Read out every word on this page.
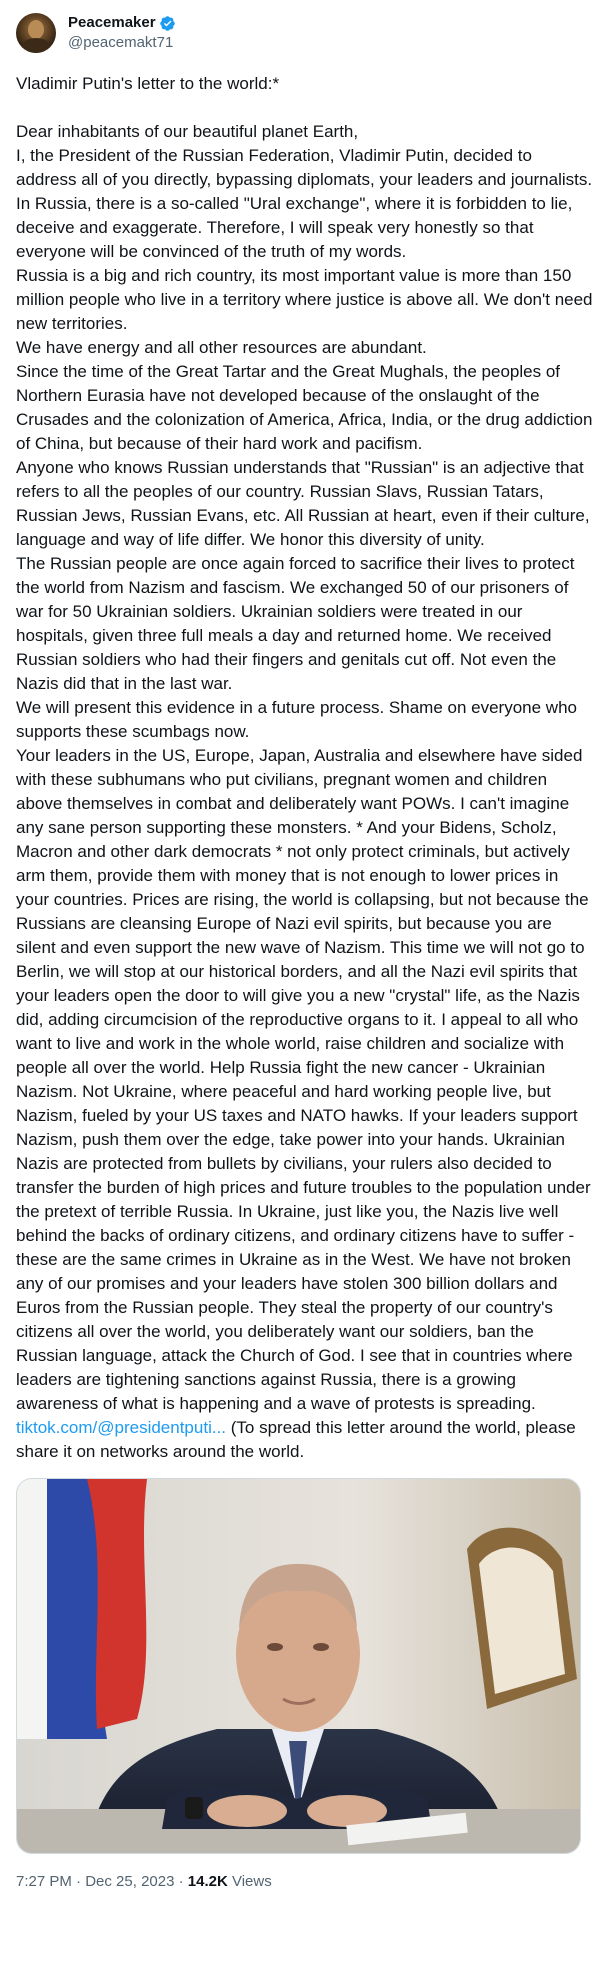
Peacemaker
@peacemakt71
Vladimir Putin's letter to the world:*

Dear inhabitants of our beautiful planet Earth,
I, the President of the Russian Federation, Vladimir Putin, decided to address all of you directly, bypassing diplomats, your leaders and journalists. In Russia, there is a so-called "Ural exchange", where it is forbidden to lie, deceive and exaggerate. Therefore, I will speak very honestly so that everyone will be convinced of the truth of my words.
Russia is a big and rich country, its most important value is more than 150 million people who live in a territory where justice is above all. We don't need new territories.
We have energy and all other resources are abundant.
Since the time of the Great Tartar and the Great Mughals, the peoples of Northern Eurasia have not developed because of the onslaught of the Crusades and the colonization of America, Africa, India, or the drug addiction of China, but because of their hard work and pacifism.
Anyone who knows Russian understands that "Russian" is an adjective that refers to all the peoples of our country. Russian Slavs, Russian Tatars, Russian Jews, Russian Evans, etc. All Russian at heart, even if their culture, language and way of life differ. We honor this diversity of unity.
The Russian people are once again forced to sacrifice their lives to protect the world from Nazism and fascism. We exchanged 50 of our prisoners of war for 50 Ukrainian soldiers. Ukrainian soldiers were treated in our hospitals, given three full meals a day and returned home. We received Russian soldiers who had their fingers and genitals cut off. Not even the Nazis did that in the last war.
We will present this evidence in a future process. Shame on everyone who supports these scumbags now.
Your leaders in the US, Europe, Japan, Australia and elsewhere have sided with these subhumans who put civilians, pregnant women and children above themselves in combat and deliberately want POWs. I can't imagine any sane person supporting these monsters. * And your Bidens, Scholz, Macron and other dark democrats * not only protect criminals, but actively arm them, provide them with money that is not enough to lower prices in your countries. Prices are rising, the world is collapsing, but not because the Russians are cleansing Europe of Nazi evil spirits, but because you are silent and even support the new wave of Nazism. This time we will not go to Berlin, we will stop at our historical borders, and all the Nazi evil spirits that your leaders open the door to will give you a new "crystal" life, as the Nazis did, adding circumcision of the reproductive organs to it. I appeal to all who want to live and work in the whole world, raise children and socialize with people all over the world. Help Russia fight the new cancer - Ukrainian Nazism. Not Ukraine, where peaceful and hard working people live, but Nazism, fueled by your US taxes and NATO hawks. If your leaders support Nazism, push them over the edge, take power into your hands. Ukrainian Nazis are protected from bullets by civilians, your rulers also decided to transfer the burden of high prices and future troubles to the population under the pretext of terrible Russia. In Ukraine, just like you, the Nazis live well behind the backs of ordinary citizens, and ordinary citizens have to suffer - these are the same crimes in Ukraine as in the West. We have not broken any of our promises and your leaders have stolen 300 billion dollars and Euros from the Russian people. They steal the property of our country's citizens all over the world, you deliberately want our soldiers, ban the Russian language, attack the Church of God. I see that in countries where leaders are tightening sanctions against Russia, there is a growing awareness of what is happening and a wave of protests is spreading.
tiktok.com/@presidentputi... (To spread this letter around the world, please share it on networks around the world.
7:27 PM · Dec 25, 2023 · 14.2K Views
